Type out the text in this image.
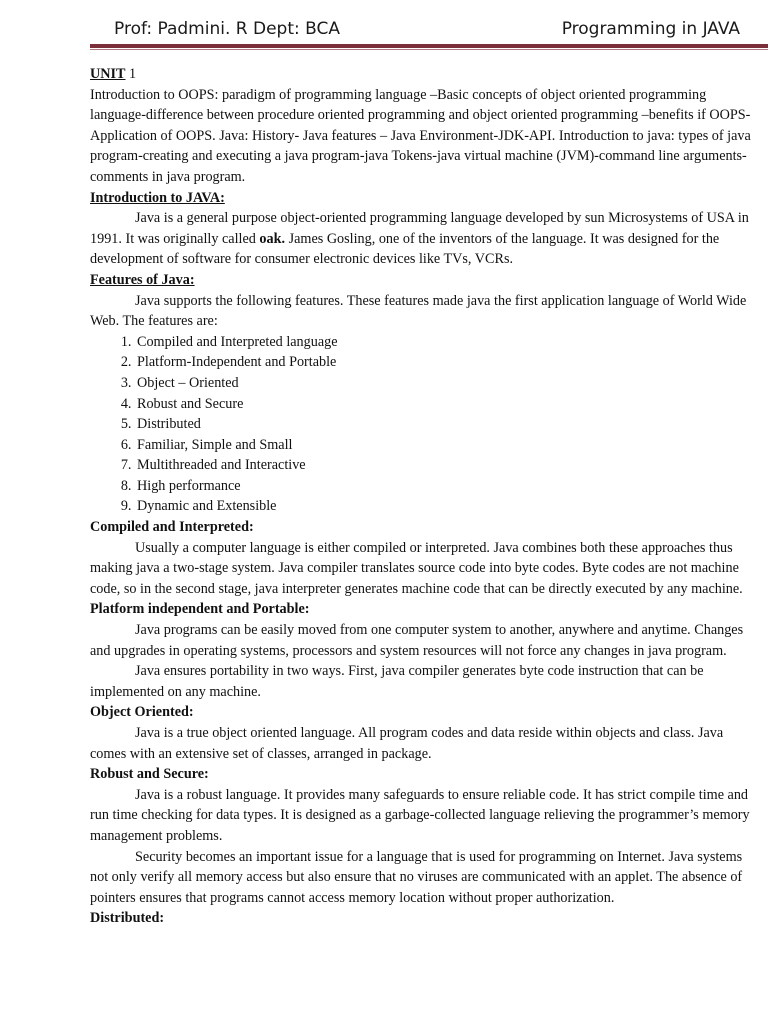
Prof: Padmini. R Dept: BCA	Programming in JAVA

UNIT 1

Introduction to OOPS: paradigm of programming language –Basic concepts of object oriented programming language-difference between procedure oriented programming and object oriented programming –benefits if OOPS-Application of OOPS. Java: History- Java features – Java Environment-JDK-API. Introduction to java: types of java program-creating and executing a java program-java Tokens-java virtual machine (JVM)-command line arguments-comments in java program.

Introduction to JAVA:

Java is a general purpose object-oriented programming language developed by sun Microsystems of USA in 1991. It was originally called oak. James Gosling, one of the inventors of the language. It was designed for the development of software for consumer electronic devices like TVs, VCRs.

Features of Java:

Java supports the following features. These features made java the first application language of World Wide Web. The features are:

1. Compiled and Interpreted language
2. Platform-Independent and Portable
3. Object – Oriented
4. Robust and Secure
5. Distributed
6. Familiar, Simple and Small
7. Multithreaded and Interactive
8. High performance
9. Dynamic and Extensible

Compiled and Interpreted:

Usually a computer language is either compiled or interpreted. Java combines both these approaches thus making java a two-stage system. Java compiler translates source code into byte codes. Byte codes are not machine code, so in the second stage, java interpreter generates machine code that can be directly executed by any machine.

Platform independent and Portable:

Java programs can be easily moved from one computer system to another, anywhere and anytime. Changes and upgrades in operating systems, processors and system resources will not force any changes in java program.

Java ensures portability in two ways. First, java compiler generates byte code instruction that can be implemented on any machine.

Object Oriented:

Java is a true object oriented language. All program codes and data reside within objects and class. Java comes with an extensive set of classes, arranged in package.

Robust and Secure:

Java is a robust language. It provides many safeguards to ensure reliable code. It has strict compile time and run time checking for data types. It is designed as a garbage-collected language relieving the programmer’s memory management problems.

Security becomes an important issue for a language that is used for programming on Internet. Java systems not only verify all memory access but also ensure that no viruses are communicated with an applet. The absence of pointers ensures that programs cannot access memory location without proper authorization.

Distributed:
